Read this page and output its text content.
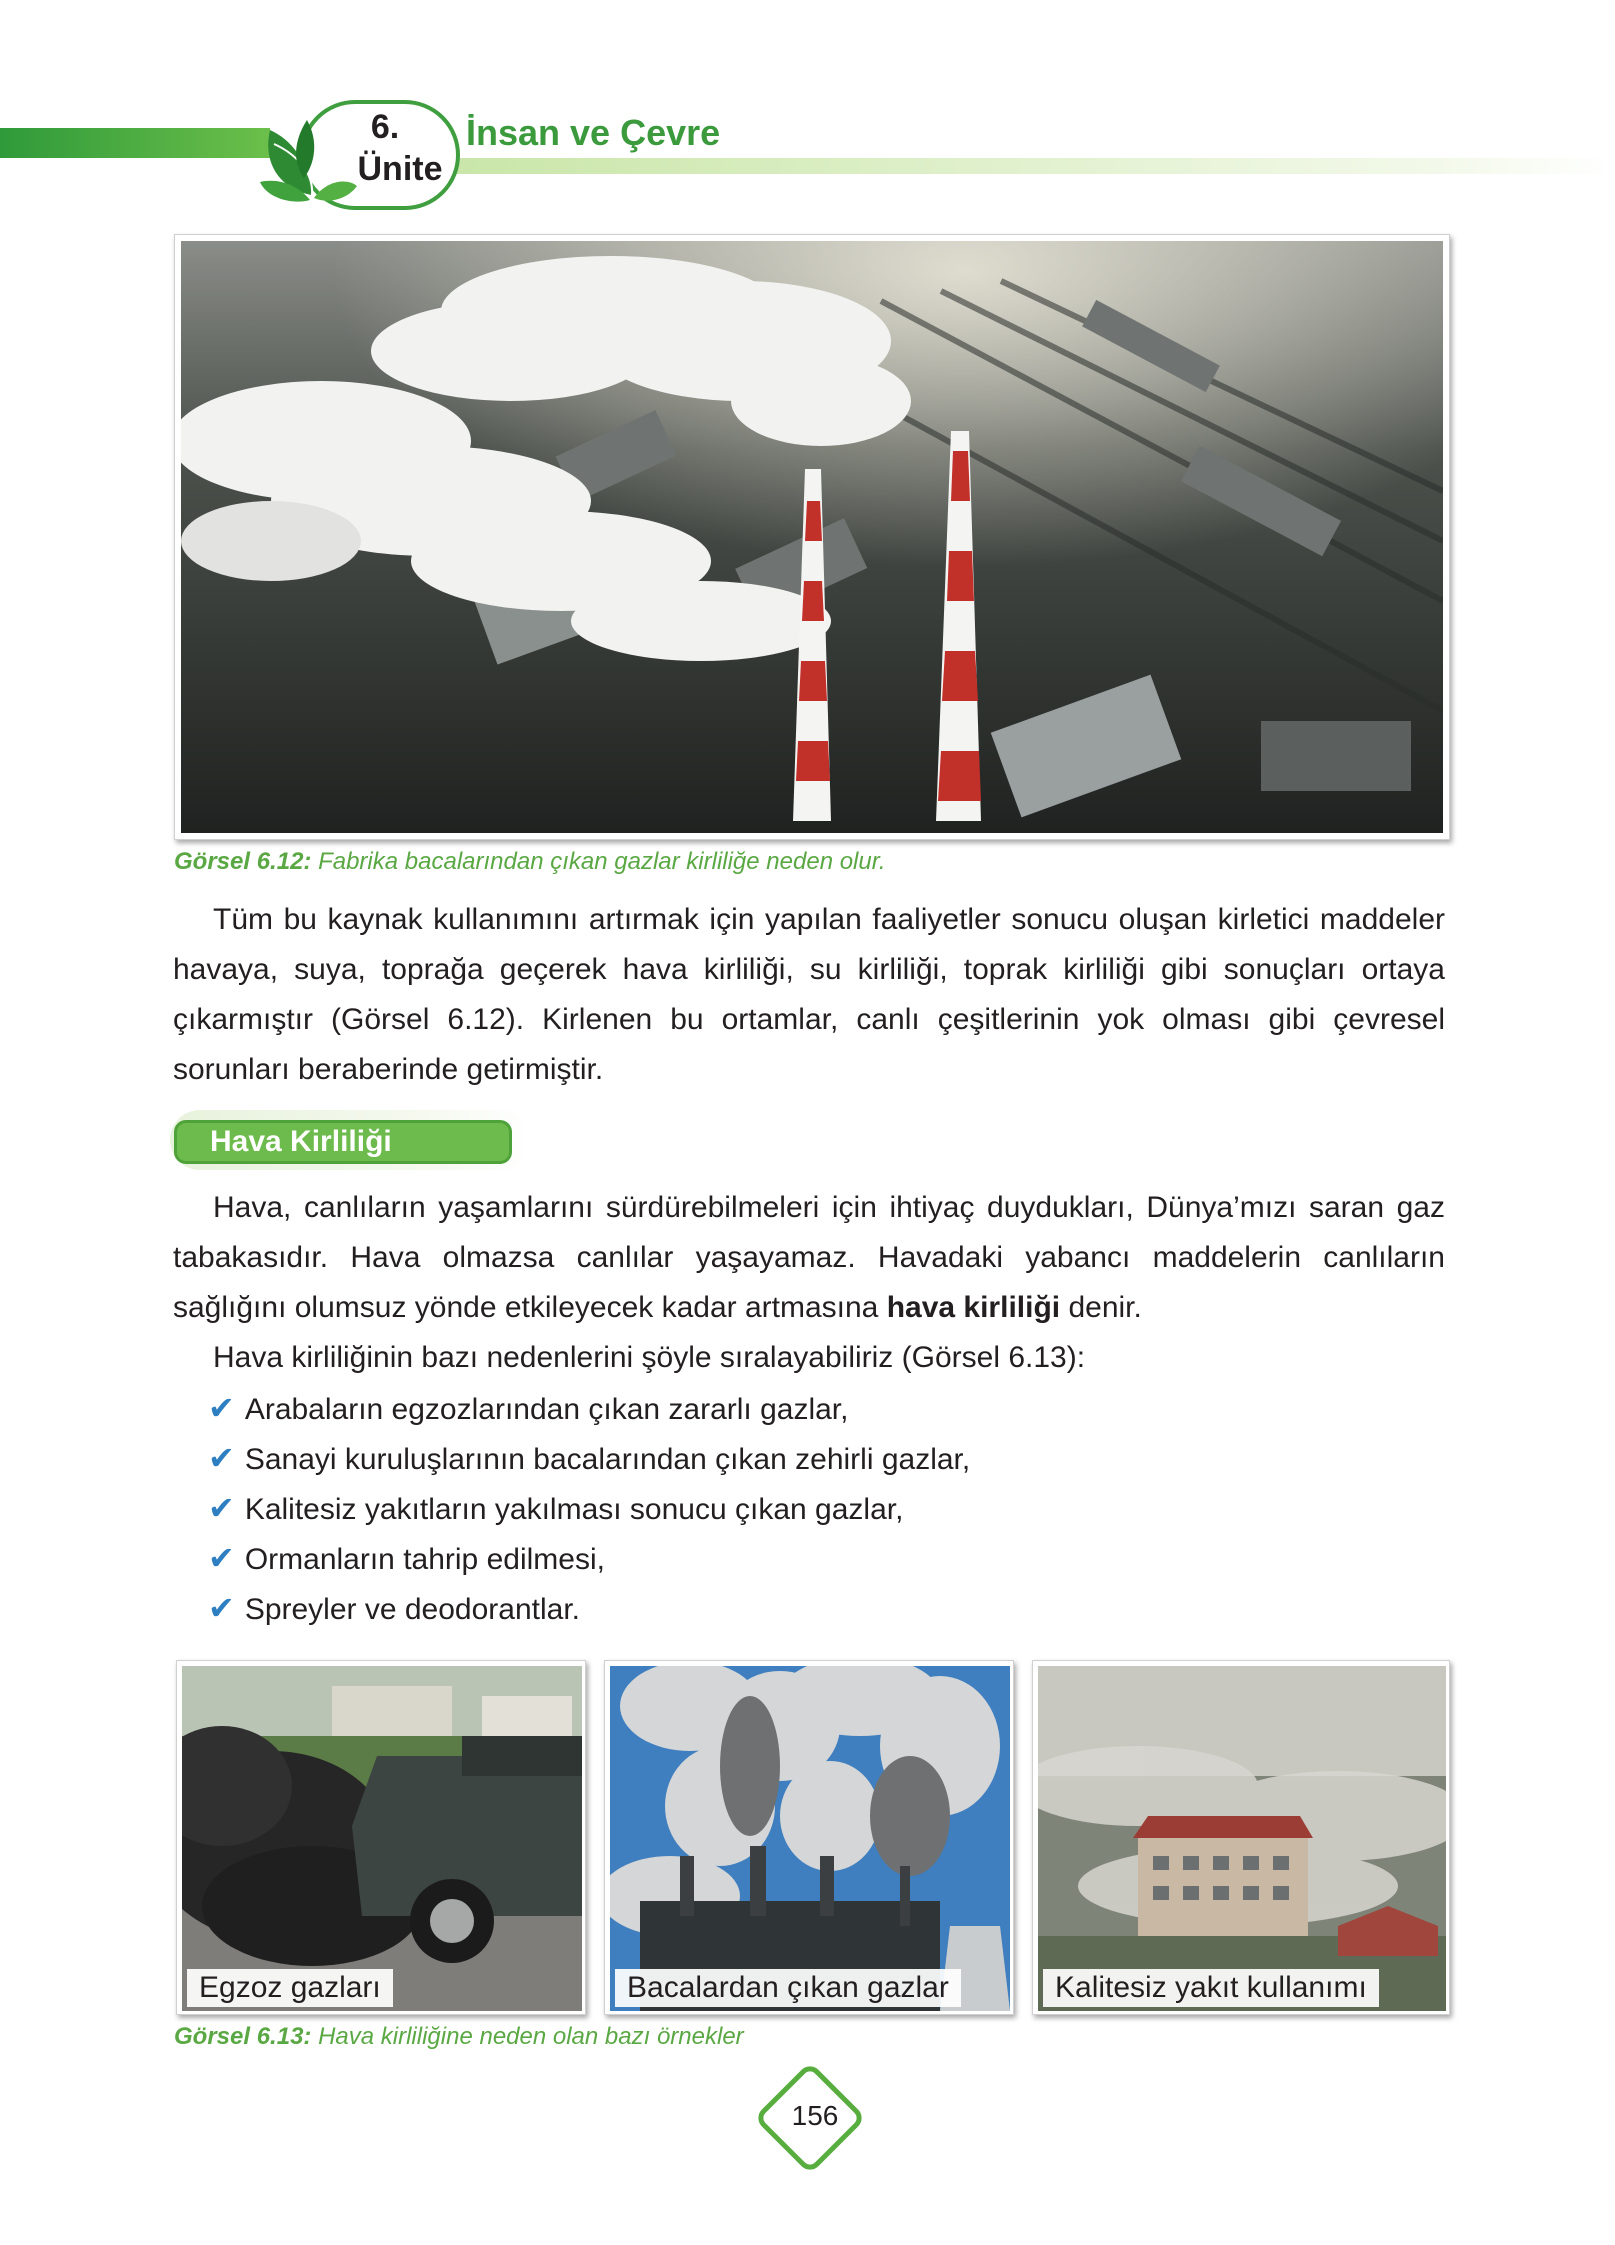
6.
Ünite
İnsan ve Çevre
Görsel 6.12: Fabrika bacalarından çıkan gazlar kirliliğe neden olur.
Tüm bu kaynak kullanımını artırmak için yapılan faaliyetler sonucu oluşan kirletici maddeler havaya, suya, toprağa geçerek hava kirliliği, su kirliliği, toprak kirliliği gibi sonuçları ortaya çıkarmıştır (Görsel 6.12). Kirlenen bu ortamlar, canlı çeşitlerinin yok olması gibi çevresel sorunları beraberinde getirmiştir.
Hava Kirliliği
Hava, canlıların yaşamlarını sürdürebilmeleri için ihtiyaç duydukları, Dünya’mızı saran gaz tabakasıdır. Hava olmazsa canlılar yaşayamaz. Havadaki yabancı maddelerin canlıların sağlığını olumsuz yönde etkileyecek kadar artmasına hava kirliliği denir.
Hava kirliliğinin bazı nedenlerini şöyle sıralayabiliriz (Görsel 6.13):
✔ Arabaların egzozlarından çıkan zararlı gazlar,
✔ Sanayi kuruluşlarının bacalarından çıkan zehirli gazlar,
✔ Kalitesiz yakıtların yakılması sonucu çıkan gazlar,
✔ Ormanların tahrip edilmesi,
✔ Spreyler ve deodorantlar.
Egzoz gazları	Bacalardan çıkan gazlar	Kalitesiz yakıt kullanımı
Görsel 6.13: Hava kirliliğine neden olan bazı örnekler
156
